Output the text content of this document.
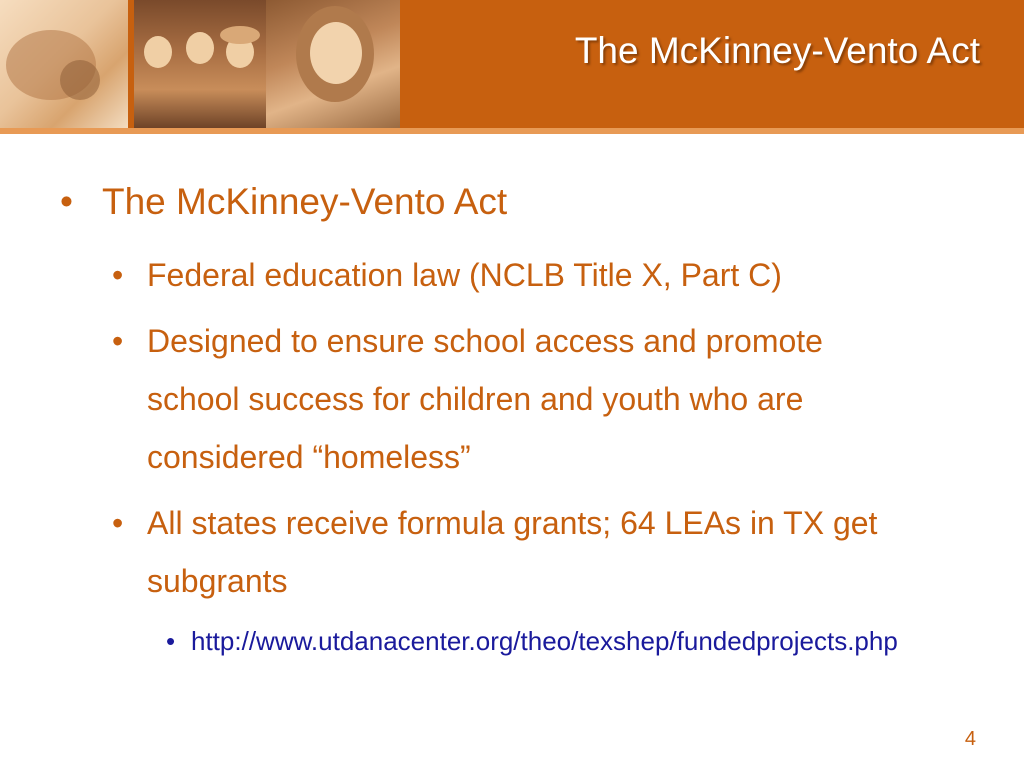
The McKinney-Vento Act
• The McKinney-Vento Act
• Federal education law (NCLB Title X, Part C)
• Designed to ensure school access and promote school success for children and youth who are considered “homeless”
• All states receive formula grants; 64 LEAs in TX get subgrants
• http://www.utdanacenter.org/theo/texshep/fundedprojects.php
4
